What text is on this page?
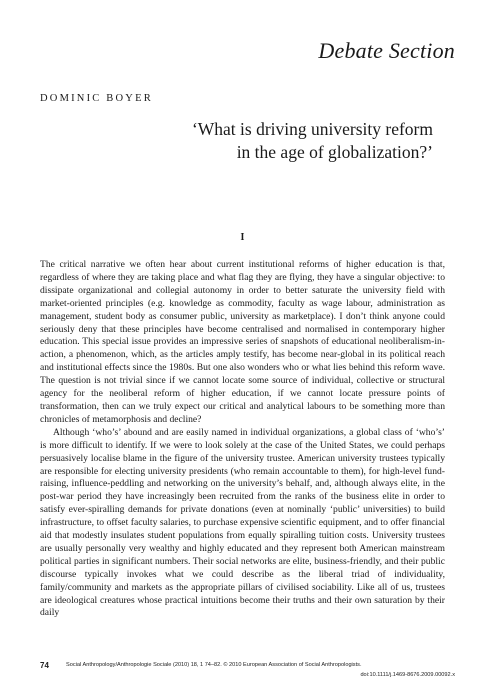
Debate Section
DOMINIC BOYER
‘What is driving university reform
in the age of globalization?’
I

The critical narrative we often hear about current institutional reforms of higher education is that, regardless of where they are taking place and what flag they are flying, they have a singular objective: to dissipate organizational and collegial autonomy in order to better saturate the university field with market-oriented principles (e.g. knowledge as commodity, faculty as wage labour, administration as management, student body as consumer public, university as marketplace). I don’t think anyone could seriously deny that these principles have become centralised and normalised in contemporary higher education. This special issue provides an impressive series of snapshots of educational neoliberalism-in-action, a phenomenon, which, as the articles amply testify, has become near-global in its political reach and institutional effects since the 1980s. But one also wonders who or what lies behind this reform wave. The question is not trivial since if we cannot locate some source of individual, collective or structural agency for the neoliberal reform of higher education, if we cannot locate pressure points of transformation, then can we truly expect our critical and analytical labours to be something more than chronicles of metamorphosis and decline?

Although ‘who’s’ abound and are easily named in individual organizations, a global class of ‘who’s’ is more difficult to identify. If we were to look solely at the case of the United States, we could perhaps persuasively localise blame in the figure of the university trustee. American university trustees typically are responsible for electing university presidents (who remain accountable to them), for high-level fund-raising, influence-peddling and networking on the university’s behalf, and, although always elite, in the post-war period they have increasingly been recruited from the ranks of the business elite in order to satisfy ever-spiralling demands for private donations (even at nominally ‘public’ universities) to build infrastructure, to offset faculty salaries, to purchase expensive scientific equipment, and to offer financial aid that modestly insulates student populations from equally spiralling tuition costs. University trustees are usually personally very wealthy and highly educated and they represent both American mainstream political parties in significant numbers. Their social networks are elite, business-friendly, and their public discourse typically invokes what we could describe as the liberal triad of individuality, family/community and markets as the appropriate pillars of civilised sociability. Like all of us, trustees are ideological creatures whose practical intuitions become their truths and their own saturation by their daily

74	Social Anthropology/Anthropologie Sociale (2010) 18, 1 74–82. © 2010 European Association of Social Anthropologists.
doi:10.1111/j.1469-8676.2009.00092.x
